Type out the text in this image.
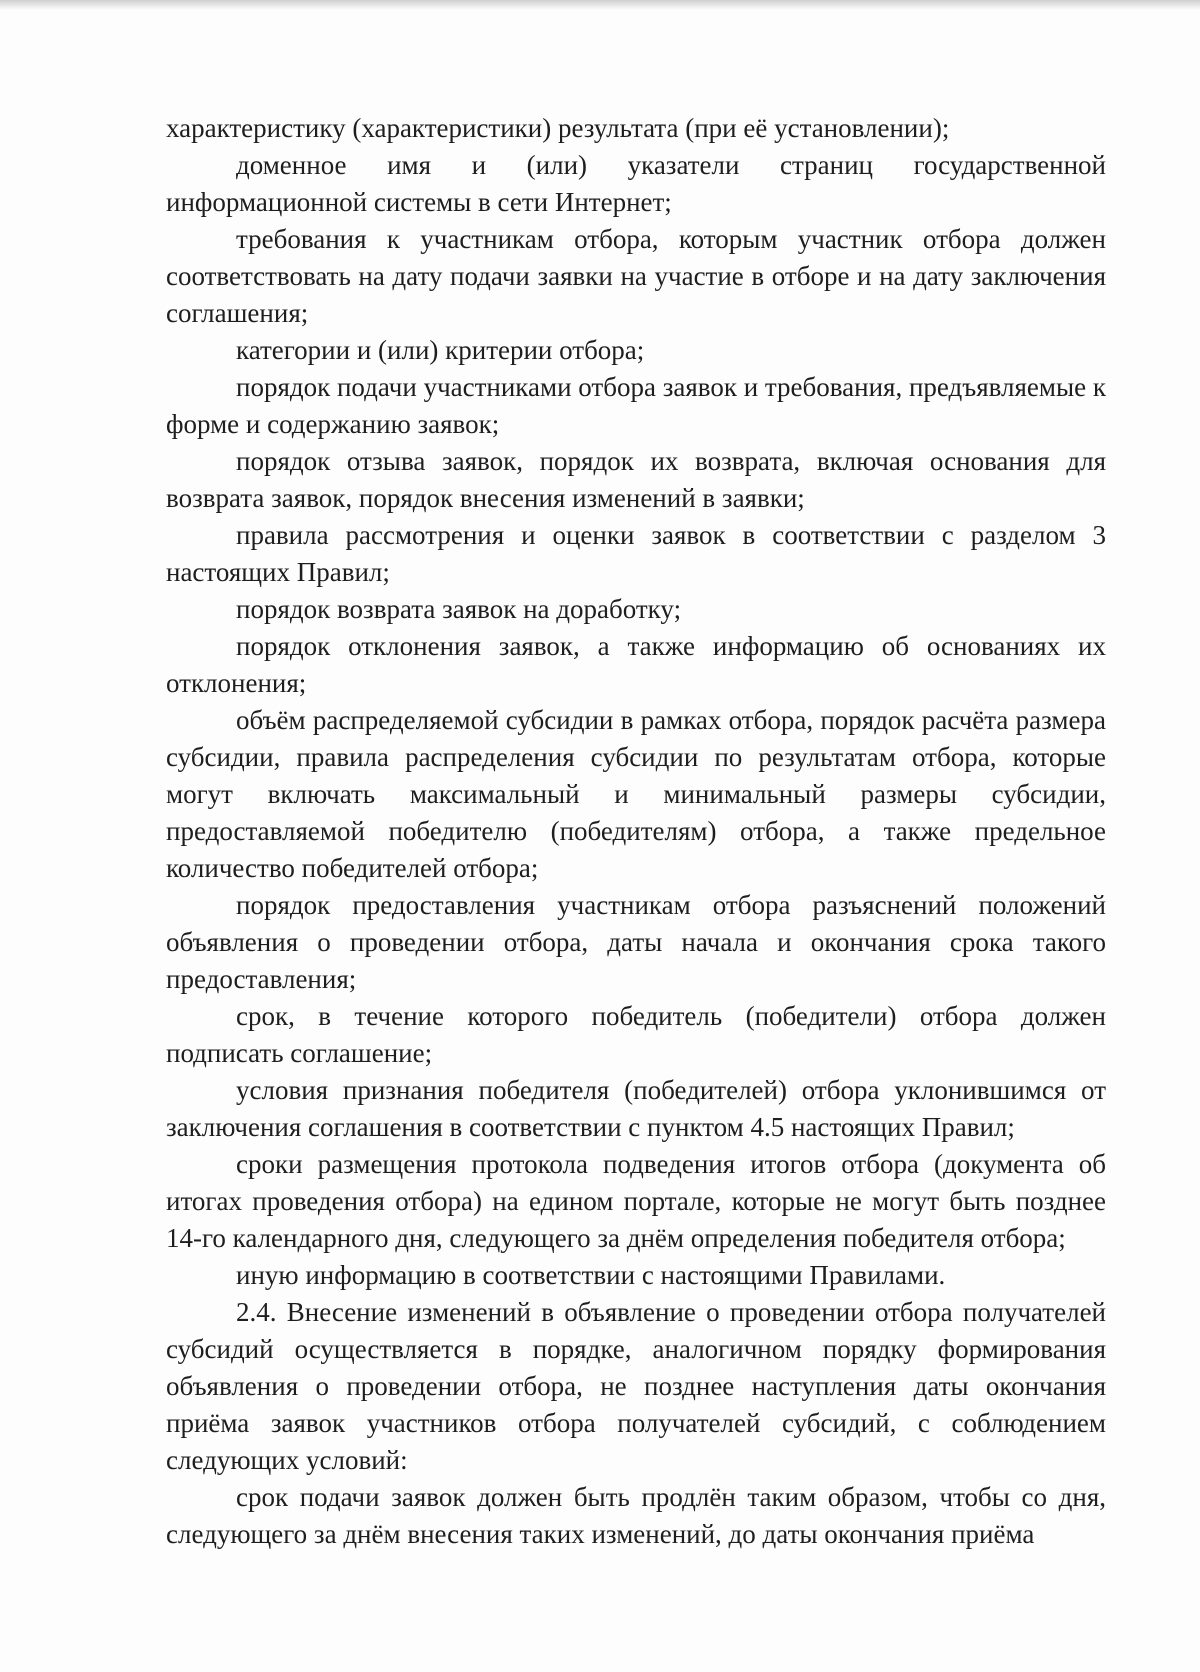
характеристику (характеристики) результата (при её установлении);

доменное имя и (или) указатели страниц государственной информационной системы в сети Интернет;

требования к участникам отбора, которым участник отбора должен соответствовать на дату подачи заявки на участие в отборе и на дату заключения соглашения;

категории и (или) критерии отбора;

порядок подачи участниками отбора заявок и требования, предъявляемые к форме и содержанию заявок;

порядок отзыва заявок, порядок их возврата, включая основания для возврата заявок, порядок внесения изменений в заявки;

правила рассмотрения и оценки заявок в соответствии с разделом 3 настоящих Правил;

порядок возврата заявок на доработку;

порядок отклонения заявок, а также информацию об основаниях их отклонения;

объём распределяемой субсидии в рамках отбора, порядок расчёта размера субсидии, правила распределения субсидии по результатам отбора, которые могут включать максимальный и минимальный размеры субсидии, предоставляемой победителю (победителям) отбора, а также предельное количество победителей отбора;

порядок предоставления участникам отбора разъяснений положений объявления о проведении отбора, даты начала и окончания срока такого предоставления;

срок, в течение которого победитель (победители) отбора должен подписать соглашение;

условия признания победителя (победителей) отбора уклонившимся от заключения соглашения в соответствии с пунктом 4.5 настоящих Правил;

сроки размещения протокола подведения итогов отбора (документа об итогах проведения отбора) на едином портале, которые не могут быть позднее 14-го календарного дня, следующего за днём определения победителя отбора;

иную информацию в соответствии с настоящими Правилами.

2.4. Внесение изменений в объявление о проведении отбора получателей субсидий осуществляется в порядке, аналогичном порядку формирования объявления о проведении отбора, не позднее наступления даты окончания приёма заявок участников отбора получателей субсидий, с соблюдением следующих условий:

срок подачи заявок должен быть продлён таким образом, чтобы со дня, следующего за днём внесения таких изменений, до даты окончания приёма
